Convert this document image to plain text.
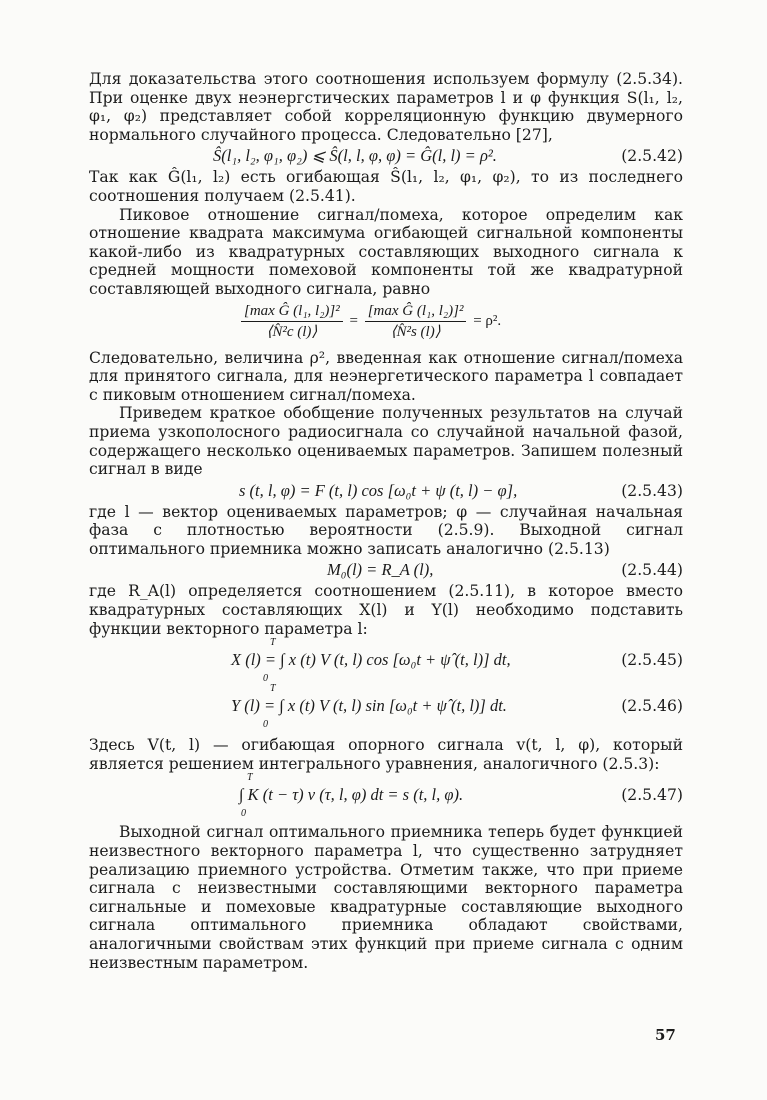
Для доказательства этого соотношения используем формулу (2.5.34). При оценке двух неэнергстических параметров l и φ функция S(l₁, l₂, φ₁, φ₂) представляет собой корреляционную функцию двумерного нормального случайного процесса. Следовательно [27],

Ŝ(l₁, l₂, φ₁, φ₂) ⩽ Ŝ(l, l, φ, φ) = Ĝ(l, l) = ρ².	(2.5.42)

Так как Ĝ(l₁, l₂) есть огибающая Ŝ(l₁, l₂, φ₁, φ₂), то из последнего соотношения получаем (2.5.41).

Пиковое отношение сигнал/помеха, которое определим как отношение квадрата максимума огибающей сигнальной компоненты какой-либо из квадратурных составляющих выходного сигнала к средней мощности помеховой компоненты той же квадратурной составляющей выходного сигнала, равно

[max Ĝ (l₁, l₂)]²
⟨N̂²c (l)⟩
=
[max Ĝ (l₁, l₂)]²
⟨N̂²s (l)⟩
= ρ².

Следовательно, величина ρ², введенная как отношение сигнал/помеха для принятого сигнала, для неэнергетического параметра l совпадает с пиковым отношением сигнал/помеха.

Приведем краткое обобщение полученных результатов на случай приема узкополосного радиосигнала со случайной начальной фазой, содержащего несколько оцениваемых параметров. Запишем полезный сигнал в виде

s (t, l, φ) = F (t, l) cos [ω₀t + ψ (t, l) − φ],	(2.5.43)

где l — вектор оцениваемых параметров; φ — случайная начальная фаза с плотностью вероятности (2.5.9). Выходной сигнал оптимального приемника можно записать аналогично (2.5.13)

M₀(l) = R_A (l),	(2.5.44)

где R_A(l) определяется соотношением (2.5.11), в которое вместо квадратурных составляющих X(l) и Y(l) необходимо подставить функции векторного параметра l:

T
0
X (l) = ∫ x (t) V (t, l) cos [ω₀t + ψ̂ (t, l)] dt,	(2.5.45)
T
0
Y (l) = ∫ x (t) V (t, l) sin [ω₀t + ψ̂ (t, l)] dt.	(2.5.46)

Здесь V(t, l) — огибающая опорного сигнала v(t, l, φ), который является решением интегрального уравнения, аналогичного (2.5.3):

T
0
∫ K (t − τ) v (τ, l, φ) dt = s (t, l, φ).	(2.5.47)

Выходной сигнал оптимального приемника теперь будет функцией неизвестного векторного параметра l, что существенно затрудняет реализацию приемного устройства. Отметим также, что при приеме сигнала с неизвестными составляющими векторного параметра сигнальные и помеховые квадратурные составляющие выходного сигнала оптимального приемника обладают свойствами, аналогичными свойствам этих функций при приеме сигнала с одним неизвестным параметром.

57
